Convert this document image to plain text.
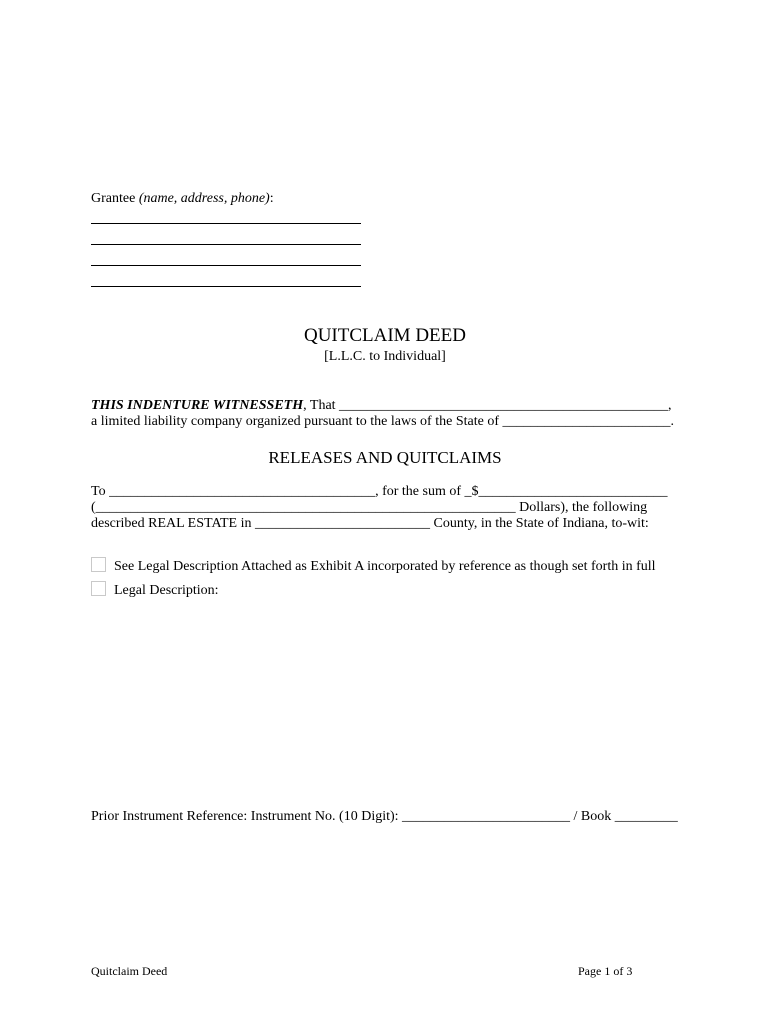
Grantee (name, address, phone):
QUITCLAIM DEED
[L.L.C. to Individual]
THIS INDENTURE WITNESSETH, That _______________________________________________,
a limited liability company organized pursuant to the laws of the State of ________________________.
RELEASES AND QUITCLAIMS
To ______________________________________, for the sum of _$___________________________
(____________________________________________________________ Dollars), the following
described REAL ESTATE in _________________________ County, in the State of Indiana, to-wit:
See Legal Description Attached as Exhibit A incorporated by reference as though set forth in full
Legal Description:
Prior Instrument Reference: Instrument No. (10 Digit): ________________________ / Book _________
Quitclaim Deed	Page 1 of 3
